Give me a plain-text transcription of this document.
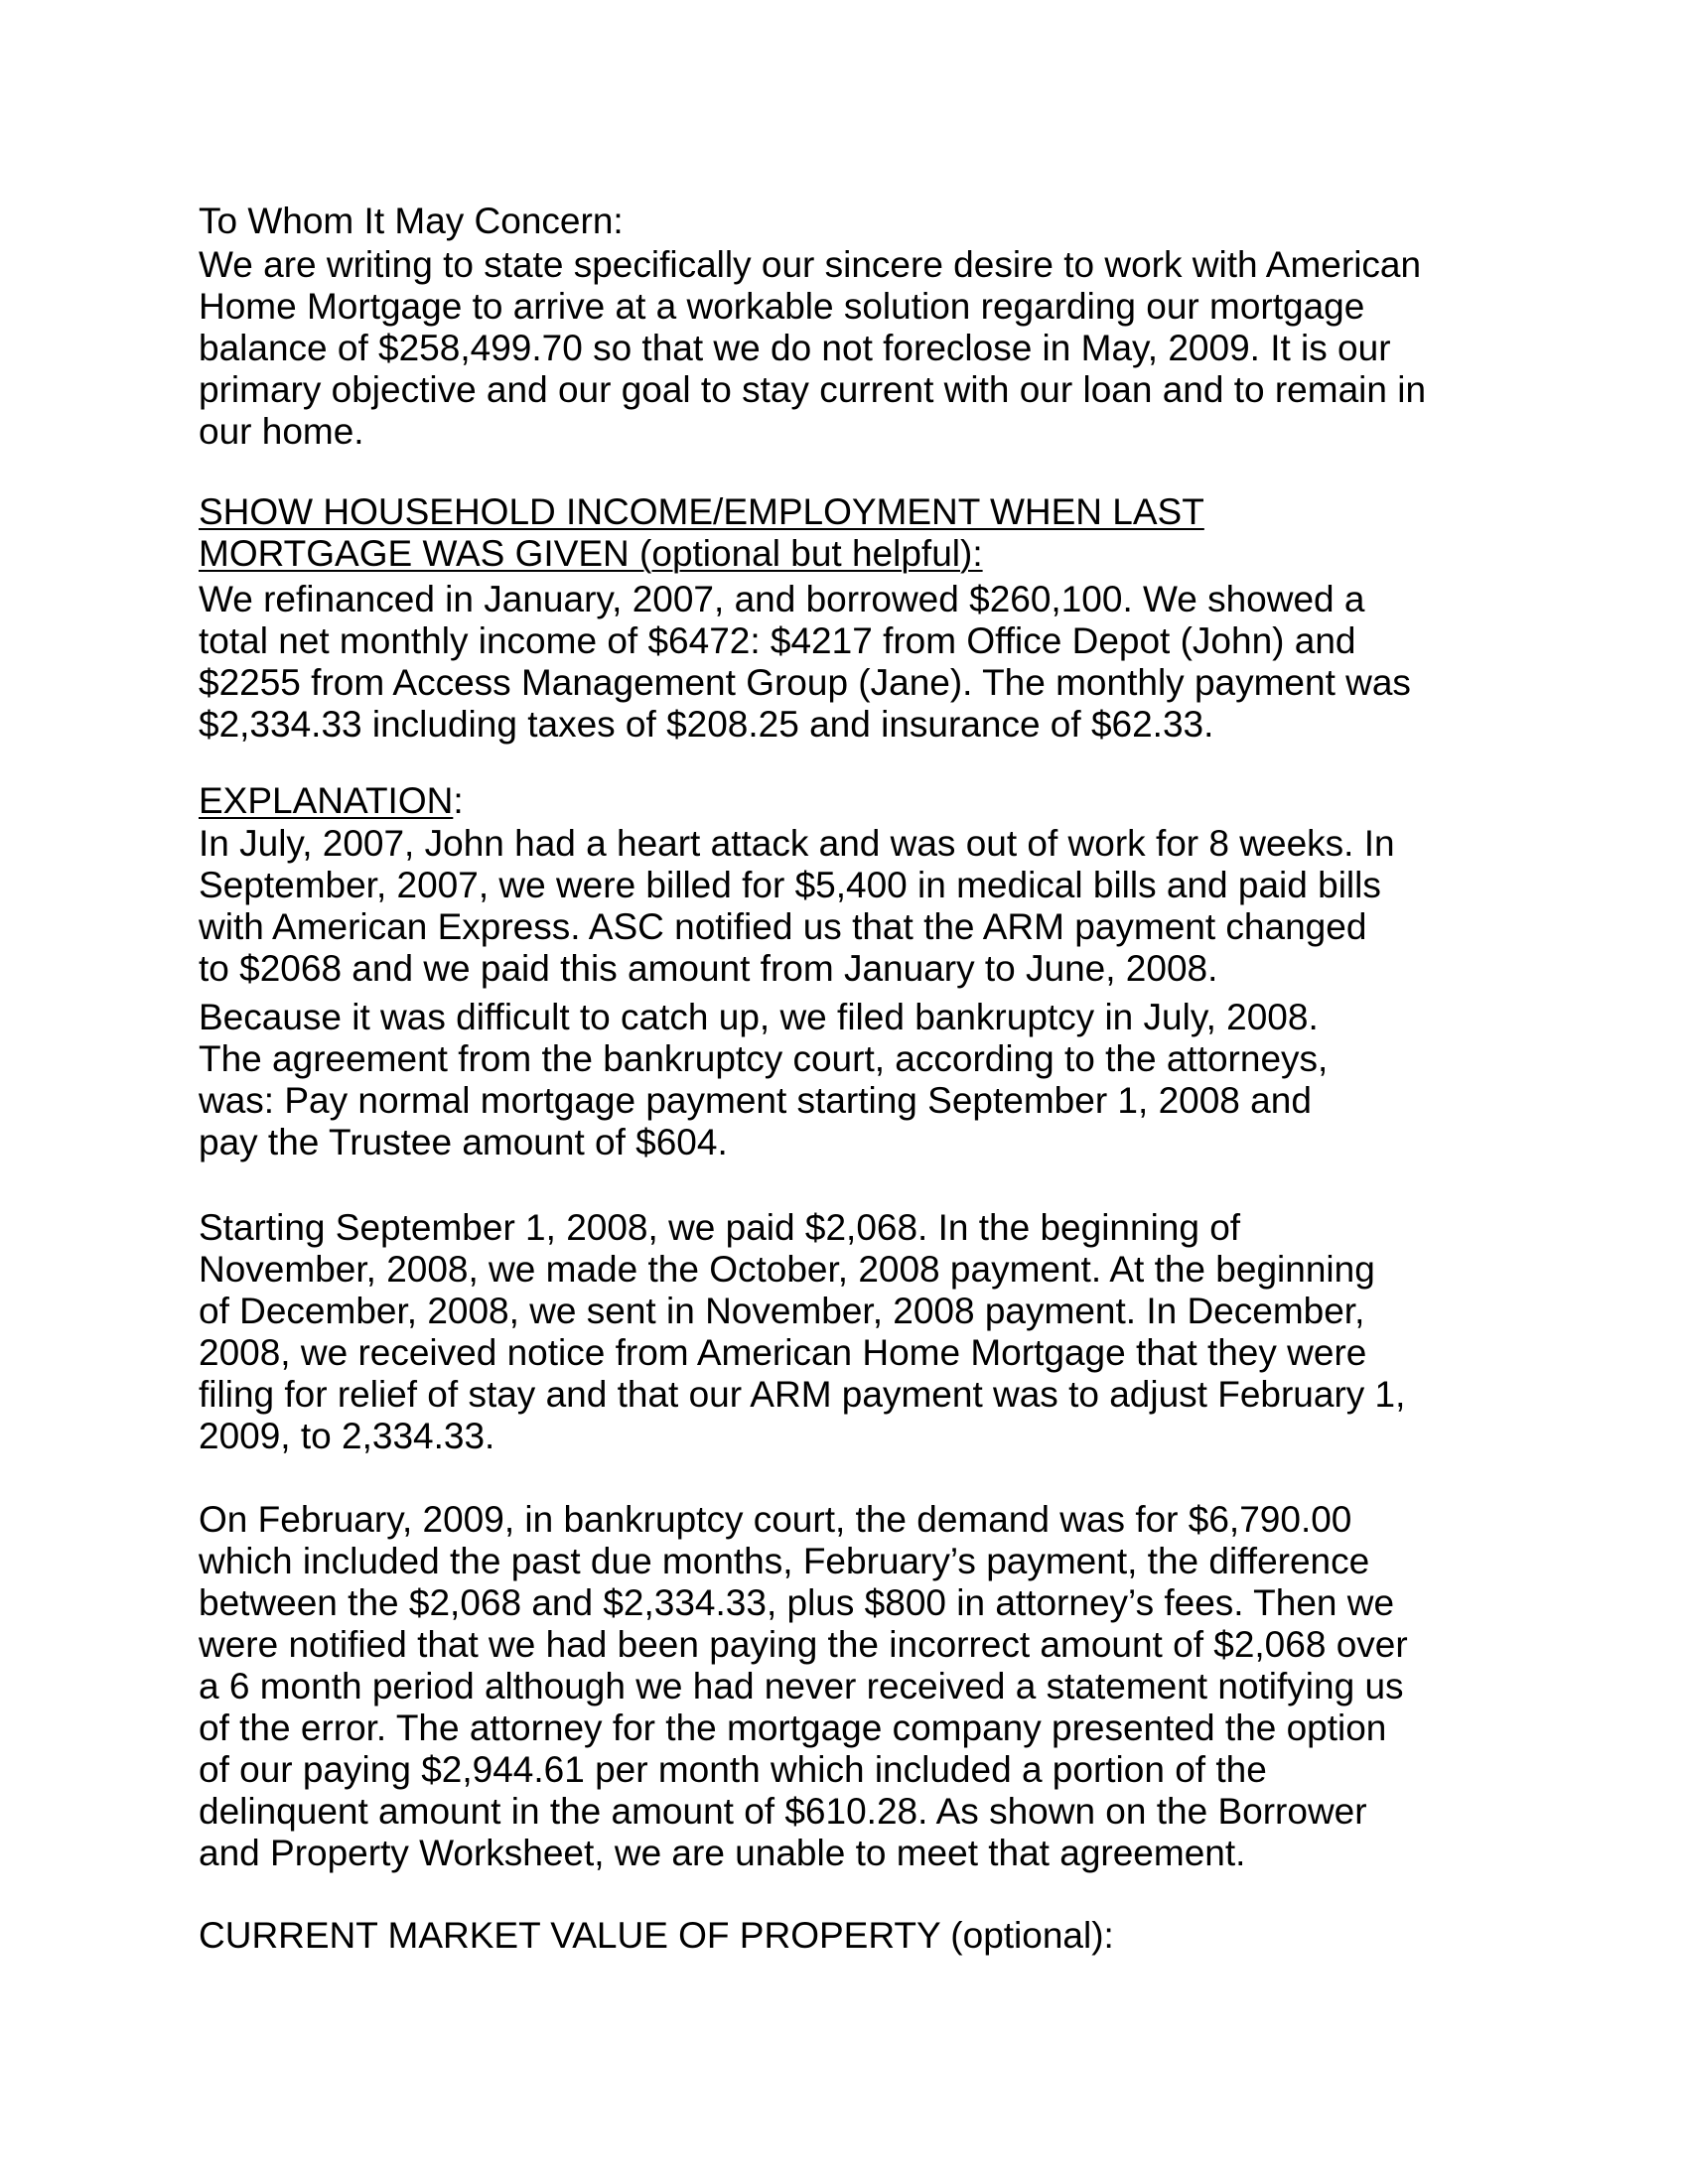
To Whom It May Concern:

We are writing to state specifically our sincere desire to work with American
Home Mortgage to arrive at a workable solution regarding our mortgage
balance of $258,499.70 so that we do not foreclose in May, 2009. It is our
primary objective and our goal to stay current with our loan and to remain in
our home.

SHOW HOUSEHOLD INCOME/EMPLOYMENT WHEN LAST
MORTGAGE WAS GIVEN (optional but helpful):

We refinanced in January, 2007, and borrowed $260,100. We showed a
total net monthly income of $6472: $4217 from Office Depot (John) and
$2255 from Access Management Group (Jane). The monthly payment was
$2,334.33 including taxes of $208.25 and insurance of $62.33.

EXPLANATION:

In July, 2007, John had a heart attack and was out of work for 8 weeks. In
September, 2007, we were billed for $5,400 in medical bills and paid bills
with American Express. ASC notified us that the ARM payment changed
to $2068 and we paid this amount from January to June, 2008.

Because it was difficult to catch up, we filed bankruptcy in July, 2008.
The agreement from the bankruptcy court, according to the attorneys,
was: Pay normal mortgage payment starting September 1, 2008 and
pay the Trustee amount of $604.

Starting September 1, 2008, we paid $2,068. In the beginning of
November, 2008, we made the October, 2008 payment. At the beginning
of December, 2008, we sent in November, 2008 payment. In December,
2008, we received notice from American Home Mortgage that they were
filing for relief of stay and that our ARM payment was to adjust February 1,
2009, to 2,334.33.

On February, 2009, in bankruptcy court, the demand was for $6,790.00
which included the past due months, February’s payment, the difference
between the $2,068 and $2,334.33, plus $800 in attorney’s fees. Then we
were notified that we had been paying the incorrect amount of $2,068 over
a 6 month period although we had never received a statement notifying us
of the error. The attorney for the mortgage company presented the option
of our paying $2,944.61 per month which included a portion of the
delinquent amount in the amount of $610.28. As shown on the Borrower
and Property Worksheet, we are unable to meet that agreement.

CURRENT MARKET VALUE OF PROPERTY (optional):
